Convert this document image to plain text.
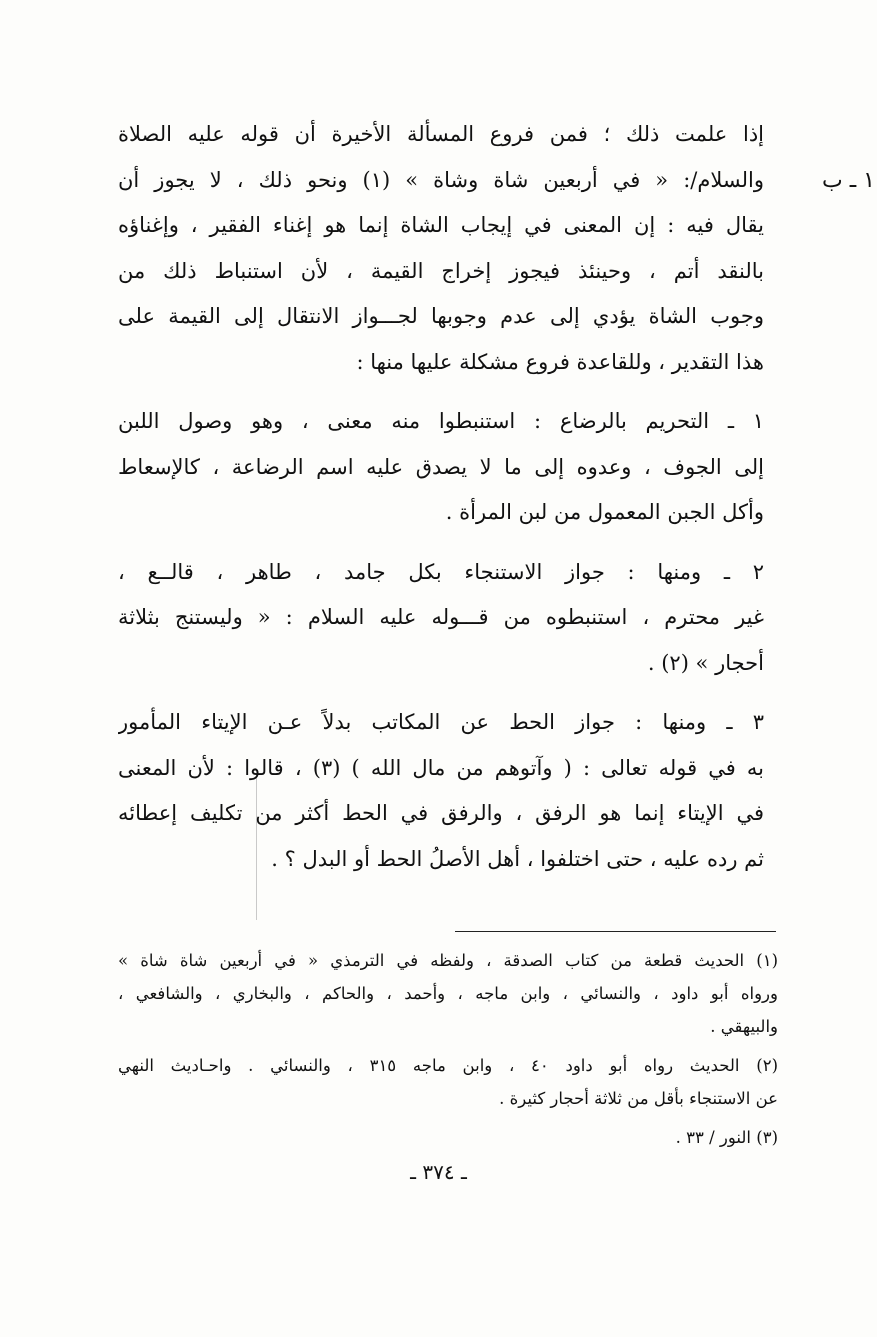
١ ـ ب
إذا علمت ذلك ؛ فمن فروع المسألة الأخيرة أن قوله عليه الصلاة
والسلام/: « في أربعين شاة وشاة » (١) ونحو ذلك ، لا يجوز أن
يقال فيه : إن المعنى في إيجاب الشاة إنما هو إغناء الفقير ، وإغناؤه
بالنقد أتم ، وحينئذ فيجوز إخراج القيمة ، لأن استنباط ذلك من
وجوب الشاة يؤدي إلى عدم وجوبها لجـــواز الانتقال إلى القيمة على
هذا التقدير ، وللقاعدة فروع مشكلة عليها منها :
١ ـ التحريم بالرضاع : استنبطوا منه معنى ، وهو وصول اللبن
إلى الجوف ، وعدوه إلى ما لا يصدق عليه اسم الرضاعة ، كالإسعاط
وأكل الجبن المعمول من لبن المرأة .
٢ ـ ومنها : جواز الاستنجاء بكل جامد ، طاهر ، قالــع ،
غير محترم ، استنبطوه من قـــوله عليه السلام : « وليستنج بثلاثة
أحجار » (٢) .
٣ ـ ومنها : جواز الحط عن المكاتب بدلاً عـن الإيتاء المأمور
به في قوله تعالى : ( وآتوهم من مال الله ) (٣) ، قالوا : لأن المعنى
في الإيتاء إنما هو الرفق ، والرفق في الحط أكثر من تكليف إعطائه
ثم رده عليه ، حتى اختلفوا ، أهل الأصلُ الحط أو البدل ؟ .
(١) الحديث قطعة من كتاب الصدقة ، ولفظه في الترمذي « في أربعين شاة شاة »
ورواه أبو داود ، والنسائي ، وابن ماجه ، وأحمد ، والحاكم ، والبخاري ، والشافعي ،
والبيهقي .
(٢) الحديث رواه أبو داود ٤٠ ، وابن ماجه ٣١٥ ، والنسائي . واحـاديث النهي
عن الاستنجاء بأقل من ثلاثة أحجار كثيرة .
(٣) النور / ٣٣ .
ـ ٣٧٤ ـ
